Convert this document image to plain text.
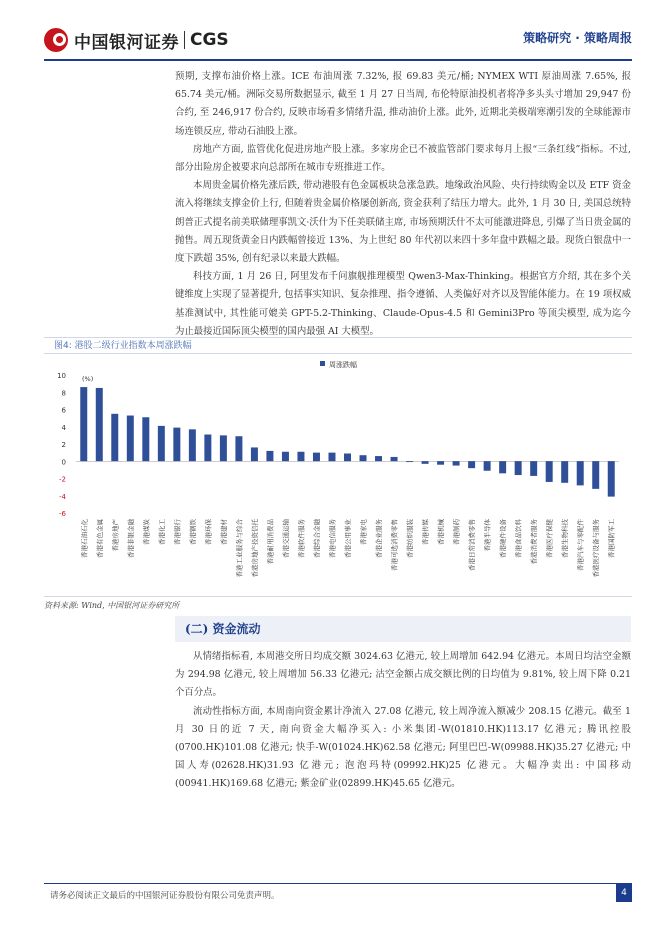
中国银河证券 CGS	策略研究 · 策略周报

预期, 支撑布油价格上涨。ICE 布油周涨 7.32%, 报 69.83 美元/桶; NYMEX WTI 原油周涨 7.65%, 报 65.74 美元/桶。洲际交易所数据显示, 截至 1 月 27 日当周, 布伦特原油投机者将净多头头寸增加 29,947 份合约, 至 246,917 份合约, 反映市场看多情绪升温, 推动油价上涨。此外, 近期北美极端寒潮引发的全球能源市场连锁反应, 带动石油股上涨。

房地产方面, 监管优化促进房地产股上涨。多家房企已不被监管部门要求每月上报“三条红线”指标。不过, 部分出险房企被要求向总部所在城市专班推进工作。

本周贵金属价格先涨后跌, 带动港股有色金属板块急涨急跌。地缘政治风险、央行持续购金以及 ETF 资金流入将继续支撑金价上行, 但随着贵金属价格屡创新高, 资金获利了结压力增大。此外, 1 月 30 日, 美国总统特朗普正式提名前美联储理事凯文·沃什为下任美联储主席, 市场预期沃什不太可能激进降息, 引爆了当日贵金属的抛售。周五现货黄金日内跌幅曾接近 13%、为上世纪 80 年代初以来四十多年盘中跌幅之最。现货白银盘中一度下跌超 35%, 创有纪录以来最大跌幅。

科技方面, 1 月 26 日, 阿里发布千问旗舰推理模型 Qwen3-Max-Thinking。根据官方介绍, 其在多个关键维度上实现了显著提升, 包括事实知识、复杂推理、指令遵循、人类偏好对齐以及智能体能力。在 19 项权威基准测试中, 其性能可媲美 GPT-5.2-Thinking、Claude-Opus-4.5 和 Gemini3Pro 等顶尖模型, 成为迄今为止最接近国际顶尖模型的国内最强 AI 大模型。

图4: 港股二级行业指数本周涨跌幅
周涨跌幅
10
8
6
4
2
0
-2
-4
-6
(%)
香港石油石化 香港有色金属 香港房地产 香港非银金融 香港煤炭 香港化工 香港银行 香港钢铁 香港环保 香港建材 香港工业服务与综合 香港房地产投资信托 香港耐用消费品 香港交通运输 香港软件服务 香港综合金融 香港电信服务 香港公用事业 香港家电 香港企业服务 香港可选消费零售 香港纺织服装 香港传媒 香港机械 香港制药 香港日常消费零售 香港半导体 香港硬件设备 香港食品饮料 香港消费者服务 香港医疗保健 香港生物科技 香港汽车与零配件 香港医疗设备与服务 香港国防军工
资料来源: Wind, 中国银河证券研究所
(二) 资金流动

从情绪指标看, 本周港交所日均成交额 3024.63 亿港元, 较上周增加 642.94 亿港元。本周日均沽空金额为 294.98 亿港元, 较上周增加 56.33 亿港元; 沽空金额占成交额比例的日均值为 9.81%, 较上周下降 0.21 个百分点。

流动性指标方面, 本周南向资金累计净流入 27.08 亿港元, 较上周净流入额减少 208.15 亿港元。截至 1 月 30 日的近 7 天, 南向资金大幅净买入: 小米集团-W(01810.HK)113.17 亿港元; 腾讯控股(0700.HK)101.08 亿港元; 快手-W(01024.HK)62.58 亿港元; 阿里巴巴-W(09988.HK)35.27 亿港元; 中国人寿(02628.HK)31.93 亿港元; 泡泡玛特(09992.HK)25 亿港元。大幅净卖出: 中国移动(00941.HK)169.68 亿港元; 紫金矿业(02899.HK)45.65 亿港元。

请务必阅读正文最后的中国银河证券股份有限公司免责声明。	4
